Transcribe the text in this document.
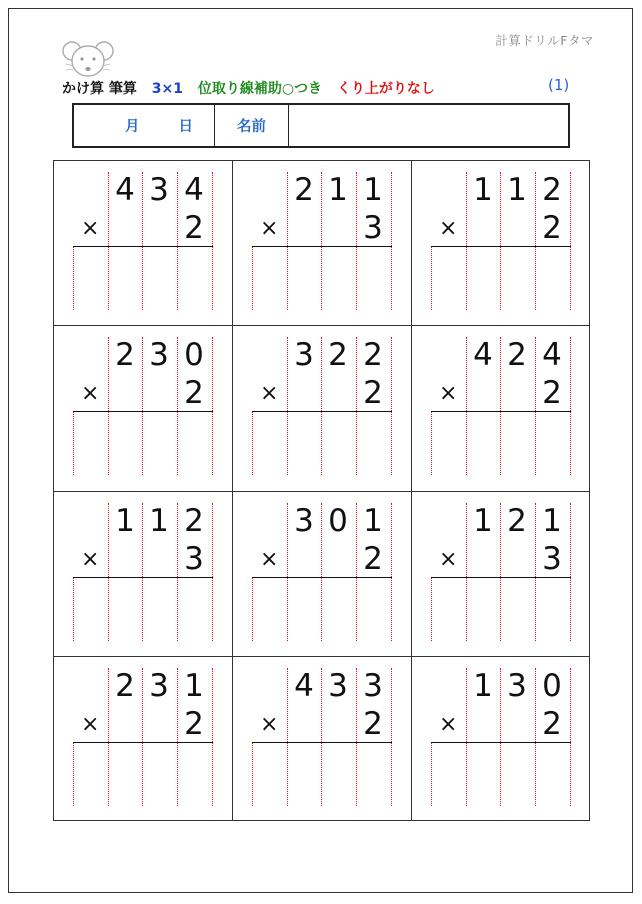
計算ドリルFタマ
かけ算 筆算 3×1 位取り線補助○つき くり上がりなし	(1)
月	日	名前
4 3 4
2
×
2 1 1
3
×
1 1 2
2
×
2 3 0
2
×
3 2 2
2
×
4 2 4
2
×
1 1 2
3
×
3 0 1
2
×
1 2 1
3
×
2 3 1
2
×
4 3 3
2
×
1 3 0
2
×
